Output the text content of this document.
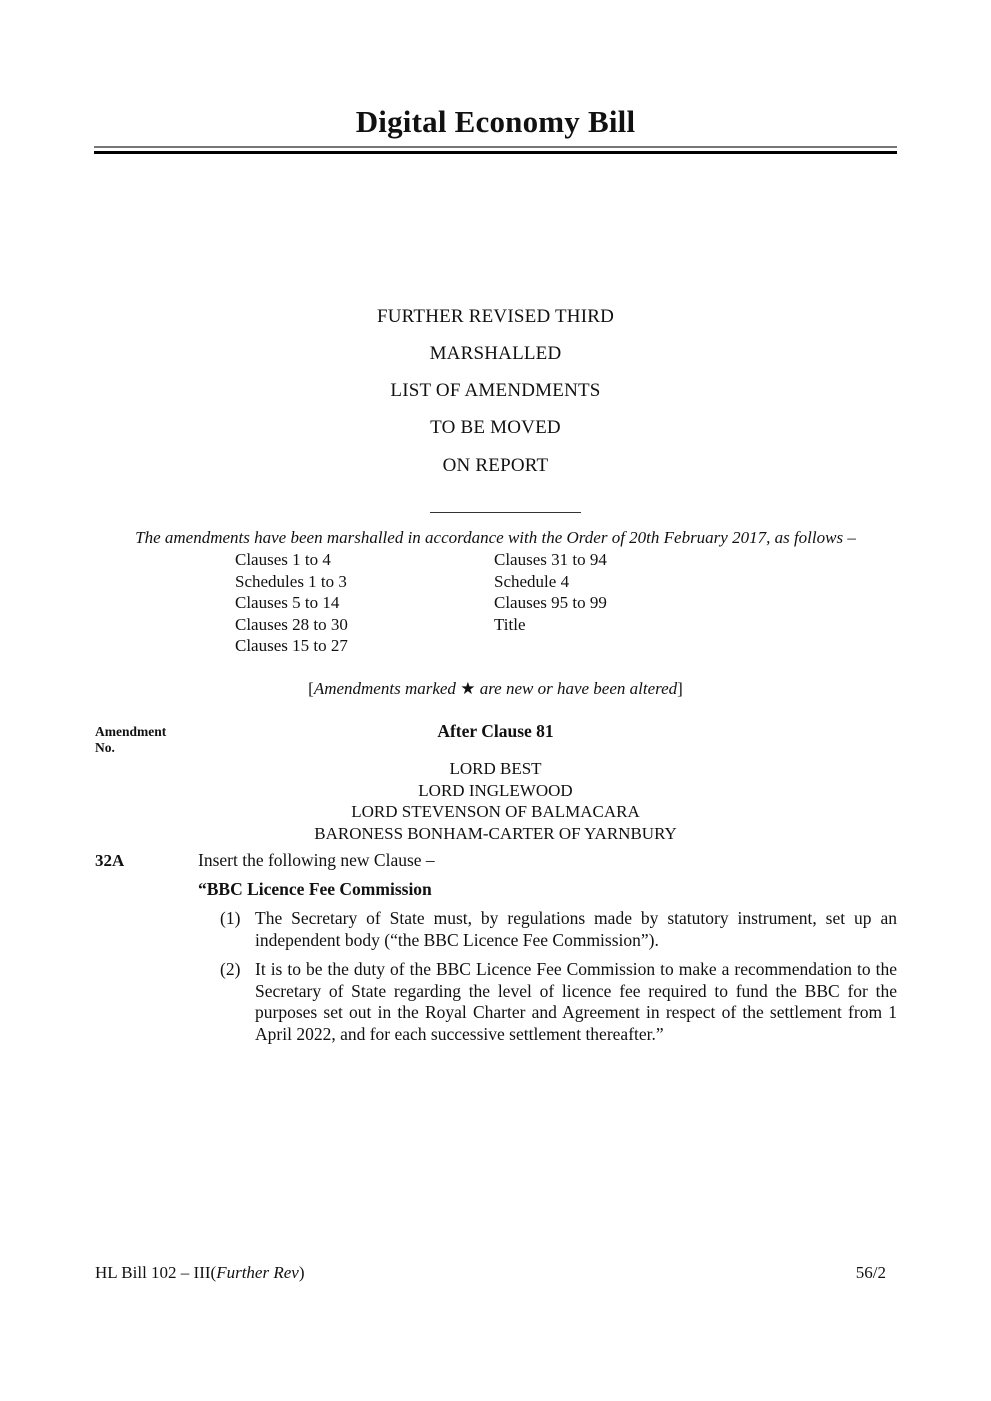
Digital Economy Bill
FURTHER REVISED THIRD
MARSHALLED
LIST OF AMENDMENTS
TO BE MOVED
ON REPORT
The amendments have been marshalled in accordance with the Order of 20th February 2017, as follows –
Clauses 1 to 4
Schedules 1 to 3
Clauses 5 to 14
Clauses 28 to 30
Clauses 15 to 27
Clauses 31 to 94
Schedule 4
Clauses 95 to 99
Title
[Amendments marked ★ are new or have been altered]
Amendment
No.
After Clause 81
LORD BEST
LORD INGLEWOOD
LORD STEVENSON OF BALMACARA
BARONESS BONHAM-CARTER OF YARNBURY
32A	Insert the following new Clause –
“BBC Licence Fee Commission
(1) The Secretary of State must, by regulations made by statutory instrument, set up an independent body (“the BBC Licence Fee Commission”).
(2) It is to be the duty of the BBC Licence Fee Commission to make a recommendation to the Secretary of State regarding the level of licence fee required to fund the BBC for the purposes set out in the Royal Charter and Agreement in respect of the settlement from 1 April 2022, and for each successive settlement thereafter.”
HL Bill 102 – III(Further Rev)	56/2
